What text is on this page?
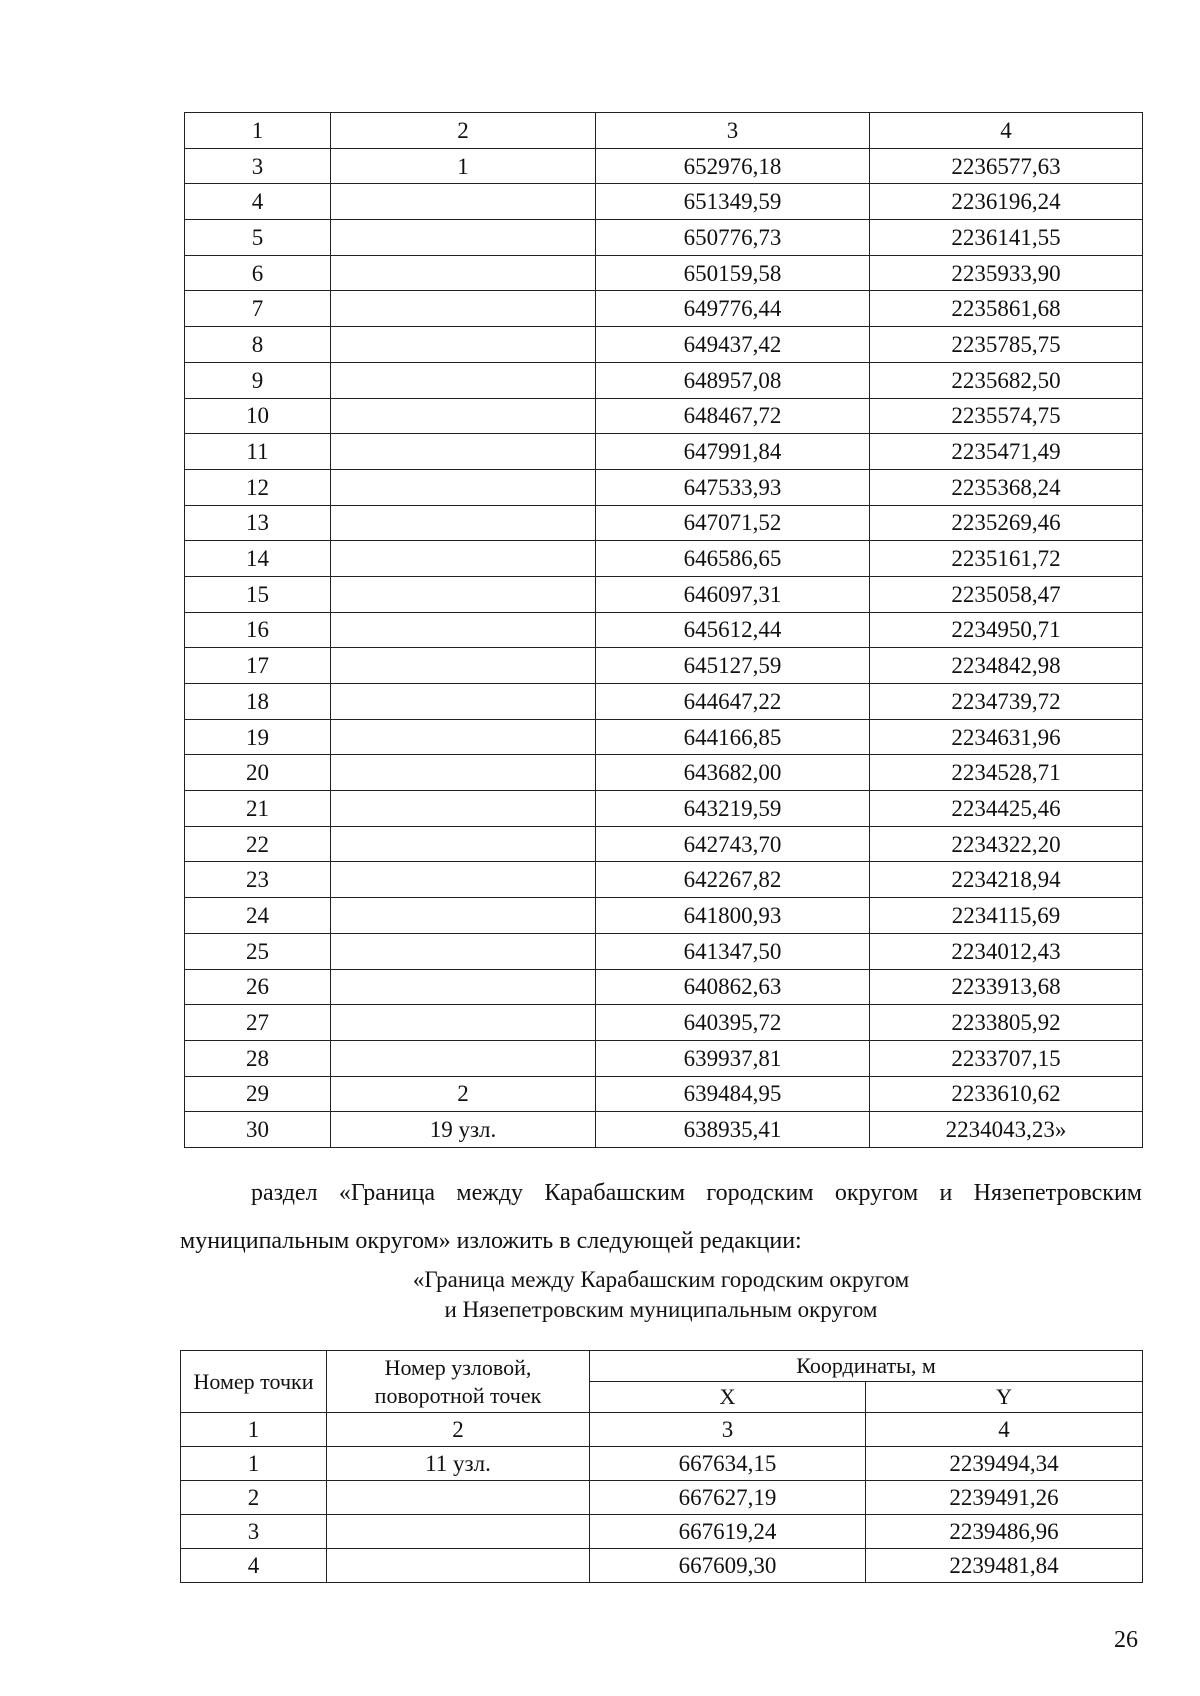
1	2	3	4
3	1	652976,18	2236577,63
4		651349,59	2236196,24
5		650776,73	2236141,55
6		650159,58	2235933,90
7		649776,44	2235861,68
8		649437,42	2235785,75
9		648957,08	2235682,50
10		648467,72	2235574,75
11		647991,84	2235471,49
12		647533,93	2235368,24
13		647071,52	2235269,46
14		646586,65	2235161,72
15		646097,31	2235058,47
16		645612,44	2234950,71
17		645127,59	2234842,98
18		644647,22	2234739,72
19		644166,85	2234631,96
20		643682,00	2234528,71
21		643219,59	2234425,46
22		642743,70	2234322,20
23		642267,82	2234218,94
24		641800,93	2234115,69
25		641347,50	2234012,43
26		640862,63	2233913,68
27		640395,72	2233805,92
28		639937,81	2233707,15
29	2	639484,95	2233610,62
30	19 узл.	638935,41	2234043,23»
раздел «Граница между Карабашским городским округом и Нязепетровским
муниципальным округом» изложить в следующей редакции:
«Граница между Карабашским городским округом
и Нязепетровским муниципальным округом
Номер точки	Номер узловой, поворотной точек	Координаты, м	
		X	Y
1	2	3	4
1	11 узл.	667634,15	2239494,34
2		667627,19	2239491,26
3		667619,24	2239486,96
4		667609,30	2239481,84
26
